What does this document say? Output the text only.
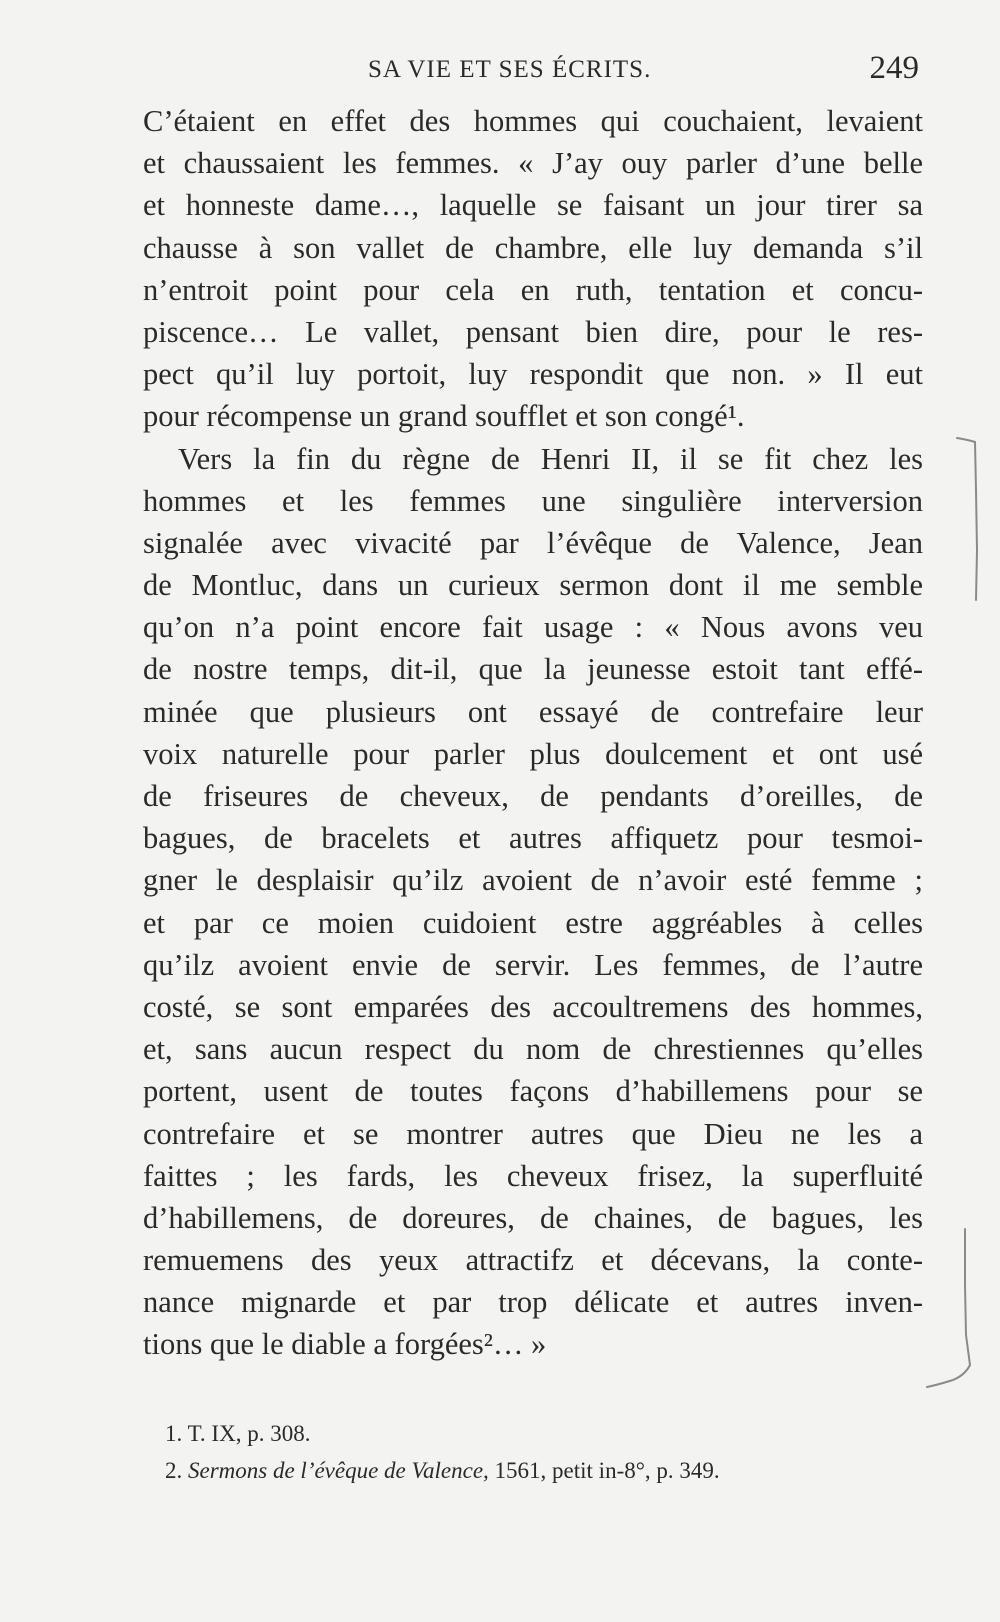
SA VIE ET SES ÉCRITS.	249
C’étaient en effet des hommes qui couchaient, levaient
et chaussaient les femmes. « J’ay ouy parler d’une belle
et honneste dame…, laquelle se faisant un jour tirer sa
chausse à son vallet de chambre, elle luy demanda s’il
n’entroit point pour cela en ruth, tentation et concu-
piscence… Le vallet, pensant bien dire, pour le res-
pect qu’il luy portoit, luy respondit que non. » Il eut
pour récompense un grand soufflet et son congé¹.
Vers la fin du règne de Henri II, il se fit chez les
hommes et les femmes une singulière interversion
signalée avec vivacité par l’évêque de Valence, Jean
de Montluc, dans un curieux sermon dont il me semble
qu’on n’a point encore fait usage : « Nous avons veu
de nostre temps, dit-il, que la jeunesse estoit tant effé-
minée que plusieurs ont essayé de contrefaire leur
voix naturelle pour parler plus doulcement et ont usé
de friseures de cheveux, de pendants d’oreilles, de
bagues, de bracelets et autres affiquetz pour tesmoi-
gner le desplaisir qu’ilz avoient de n’avoir esté femme ;
et par ce moien cuidoient estre aggréables à celles
qu’ilz avoient envie de servir. Les femmes, de l’autre
costé, se sont emparées des accoultremens des hommes,
et, sans aucun respect du nom de chrestiennes qu’elles
portent, usent de toutes façons d’habillemens pour se
contrefaire et se montrer autres que Dieu ne les a
faittes ; les fards, les cheveux frisez, la superfluité
d’habillemens, de doreures, de chaines, de bagues, les
remuemens des yeux attractifz et décevans, la conte-
nance mignarde et par trop délicate et autres inven-
tions que le diable a forgées²… »
1. T. IX, p. 308.
2. Sermons de l’évêque de Valence, 1561, petit in-8°, p. 349.
